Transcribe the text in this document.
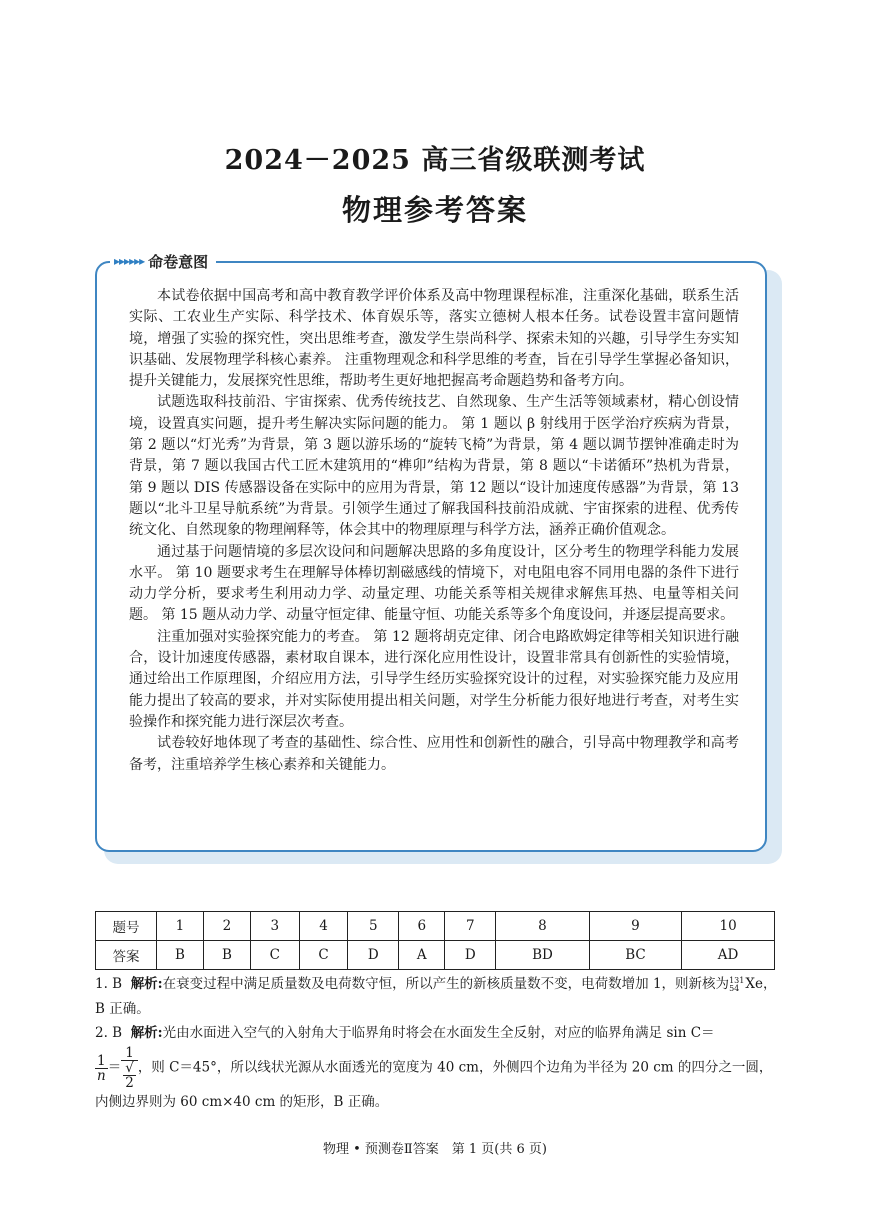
2024－2025 高三省级联测考试
物理参考答案
▸▸▸▸▸▸ 命卷意图

本试卷依据中国高考和高中教育教学评价体系及高中物理课程标准，注重深化基础，联系生活实际、工农业生产实际、科学技术、体育娱乐等，落实立德树人根本任务。试卷设置丰富问题情境，增强了实验的探究性，突出思维考查，激发学生崇尚科学、探索未知的兴趣，引导学生夯实知识基础、发展物理学科核心素养。 注重物理观念和科学思维的考查，旨在引导学生掌握必备知识，提升关键能力，发展探究性思维，帮助考生更好地把握高考命题趋势和备考方向。

试题选取科技前沿、宇宙探索、优秀传统技艺、自然现象、生产生活等领域素材，精心创设情境，设置真实问题，提升考生解决实际问题的能力。 第 1 题以 β 射线用于医学治疗疾病为背景，第 2 题以“灯光秀”为背景，第 3 题以游乐场的“旋转飞椅”为背景，第 4 题以调节摆钟准确走时为背景，第 7 题以我国古代工匠木建筑用的“榫卯”结构为背景，第 8 题以“卡诺循环”热机为背景，第 9 题以 DIS 传感器设备在实际中的应用为背景，第 12 题以“设计加速度传感器”为背景，第 13 题以“北斗卫星导航系统”为背景。引领学生通过了解我国科技前沿成就、宇宙探索的进程、优秀传统文化、自然现象的物理阐释等，体会其中的物理原理与科学方法，涵养正确价值观念。

通过基于问题情境的多层次设问和问题解决思路的多角度设计，区分考生的物理学科能力发展水平。 第 10 题要求考生在理解导体棒切割磁感线的情境下，对电阻电容不同用电器的条件下进行动力学分析，要求考生利用动力学、动量定理、功能关系等相关规律求解焦耳热、电量等相关问题。 第 15 题从动力学、动量守恒定律、能量守恒、功能关系等多个角度设问，并逐层提高要求。

注重加强对实验探究能力的考查。 第 12 题将胡克定律、闭合电路欧姆定律等相关知识进行融合，设计加速度传感器，素材取自课本，进行深化应用性设计，设置非常具有创新性的实验情境，通过给出工作原理图，介绍应用方法，引导学生经历实验探究设计的过程，对实验探究能力及应用能力提出了较高的要求，并对实际使用提出相关问题，对学生分析能力很好地进行考查，对考生实验操作和探究能力进行深层次考查。

试卷较好地体现了考查的基础性、综合性、应用性和创新性的融合，引导高中物理教学和高考备考，注重培养学生核心素养和关键能力。

题号	1	2	3	4	5	6	7	8	9	10
答案	B	B	C	C	D	A	D	BD	BC	AD
1. B 解析:在衰变过程中满足质量数及电荷数守恒，所以产生的新核质量数不变，电荷数增加 1，则新核为 131
54 Xe，B 正确。
2. B 解析:光由水面进入空气的入射角大于临界角时将会在水面发生全反射，对应的临界角满足 sin C＝

$\frac{1}{n} = 1$
√
2 ，则 C＝45°，所以线状光源从水面透光的宽度为 40 cm，外侧四个边角为半径为 20 cm 的四分之一圆，内侧边界则为 60 cm×40 cm 的矩形，B 正确。
物理 • 预测卷Ⅱ答案　第 1 页(共 6 页)
